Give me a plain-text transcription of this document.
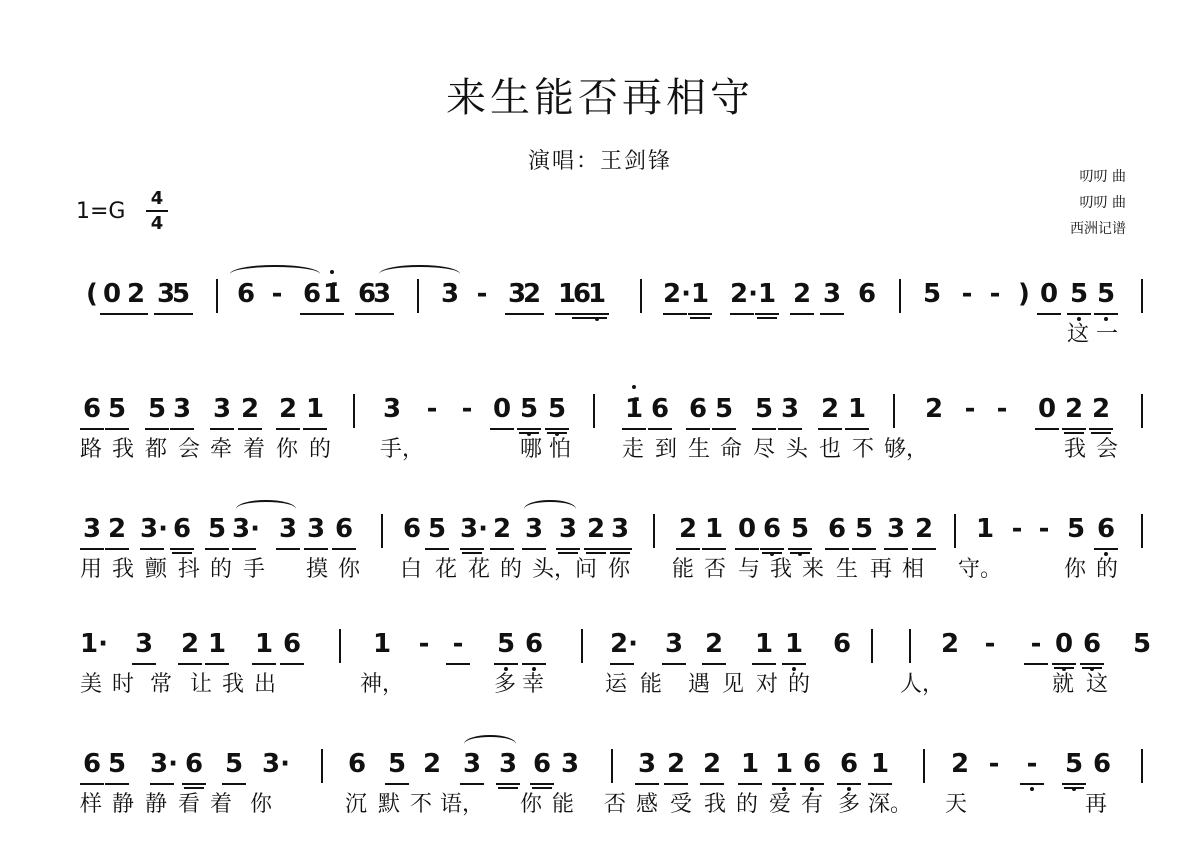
来生能否再相守
演唱：王剑锋
叨叨 曲
叨叨 曲
西洲记谱
1=G
4
4
( 0 2 3
5 6 - 6 1̇ 6
3 3 - 3
2 1
6
1 2· 1 2· 1 2 3 6 5 - - ) 0 5 5
这 一
6 5 5 3 3 2 2 1 3 - - 0 5 5 1̇ 6 6 5 5 3 2 1 2 - - 0 2 2
路 我 都 会 牵 着 你 的 手，	哪 怕 走 到 生 命 尽 头 也 不 够，	我 会
3 2 3· 6 5 3· 3 3 6 6 5 3· 2 3 3 2 3 2 1 0 6 5 6 5 3 2 1 - - 5 6
用 我 颤 抖 的 手 摸 你 白 花 花 的 头，
问 你 能 否 与 我 来 生 再 相 守。	你 的
1· 3 2 1 1 6	1 - - 5 6	2· 3 2 1 1 6	2 - - 0 6 5
美 时 常 让 我 出	神，	多 幸	运 能 遇 见 对 的	人，	就 这
6 5 3· 6 5 3· 6 5 2 3 3 6 3 3 2 2 1 1 6 6 1 2 - - 5 6
样 静 静 看 着 你	沉 默 不 语， 你 能 否 感 受 我 的 爱 有 多 深。 天	再
